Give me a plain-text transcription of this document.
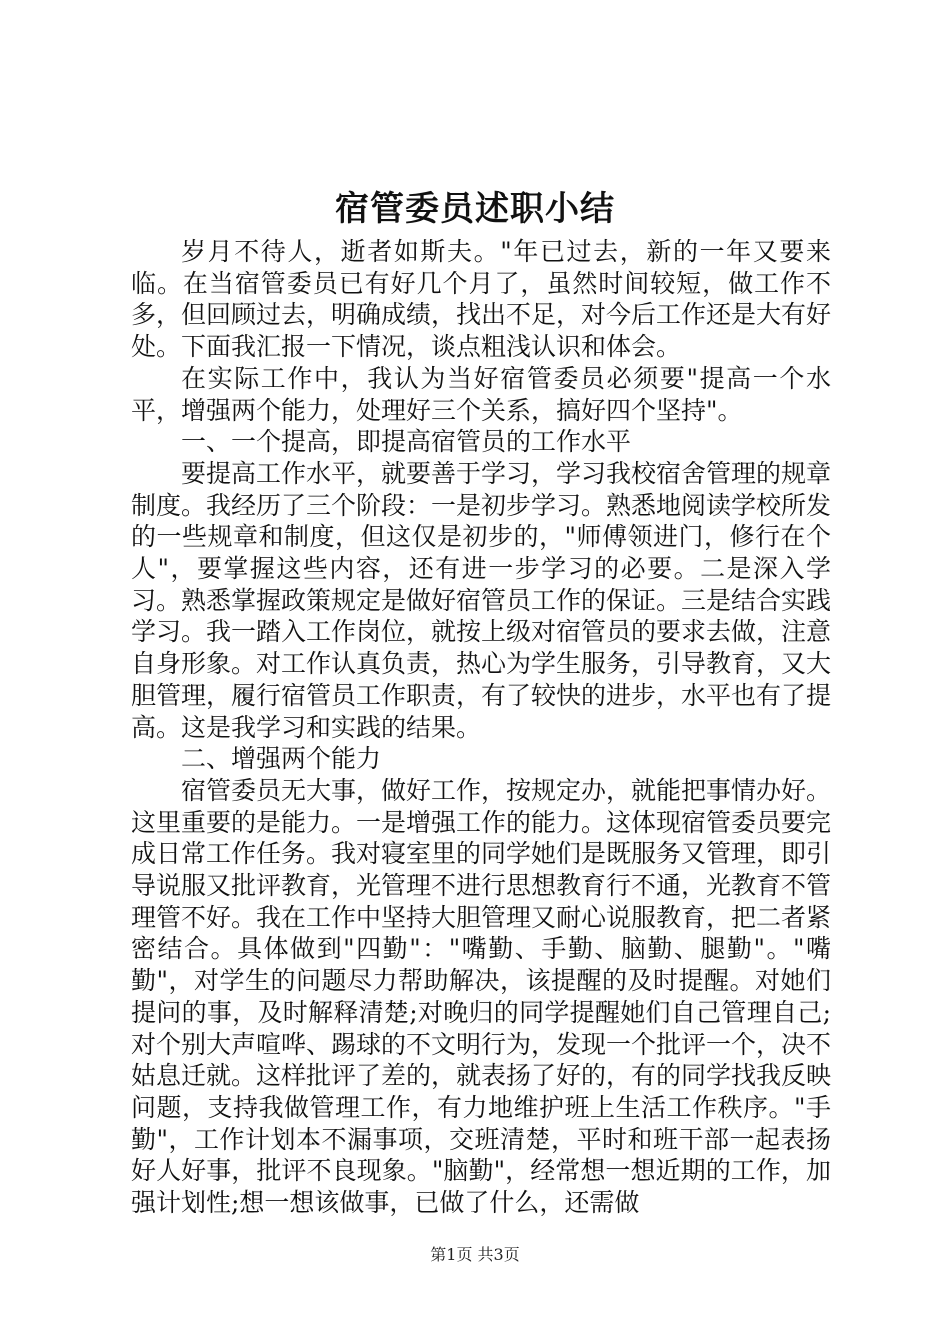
宿管委员述职小结

岁月不待人，逝者如斯夫。"年已过去，新的一年又要来临。在当宿管委员已有好几个月了，虽然时间较短，做工作不多，但回顾过去，明确成绩，找出不足，对今后工作还是大有好处。下面我汇报一下情况，谈点粗浅认识和体会。

在实际工作中，我认为当好宿管委员必须要"提高一个水平，增强两个能力，处理好三个关系，搞好四个坚持"。

一、一个提高，即提高宿管员的工作水平

要提高工作水平，就要善于学习，学习我校宿舍管理的规章制度。我经历了三个阶段：一是初步学习。熟悉地阅读学校所发的一些规章和制度，但这仅是初步的，"师傅领进门，修行在个人"，要掌握这些内容，还有进一步学习的必要。二是深入学习。熟悉掌握政策规定是做好宿管员工作的保证。三是结合实践学习。我一踏入工作岗位，就按上级对宿管员的要求去做，注意自身形象。对工作认真负责，热心为学生服务，引导教育，又大胆管理，履行宿管员工作职责，有了较快的进步，水平也有了提高。这是我学习和实践的结果。

二、增强两个能力

宿管委员无大事，做好工作，按规定办，就能把事情办好。这里重要的是能力。一是增强工作的能力。这体现宿管委员要完成日常工作任务。我对寝室里的同学她们是既服务又管理，即引导说服又批评教育，光管理不进行思想教育行不通，光教育不管理管不好。我在工作中坚持大胆管理又耐心说服教育，把二者紧密结合。具体做到"四勤"："嘴勤、手勤、脑勤、腿勤"。"嘴勤"，对学生的问题尽力帮助解决，该提醒的及时提醒。对她们提问的事，及时解释清楚;对晚归的同学提醒她们自己管理自己;对个别大声喧哗、踢球的不文明行为，发现一个批评一个，决不姑息迁就。这样批评了差的，就表扬了好的，有的同学找我反映问题，支持我做管理工作，有力地维护班上生活工作秩序。"手勤"，工作计划本不漏事项，交班清楚，平时和班干部一起表扬好人好事，批评不良现象。"脑勤"，经常想一想近期的工作，加强计划性;想一想该做事，已做了什么，还需做

第1页 共3页
